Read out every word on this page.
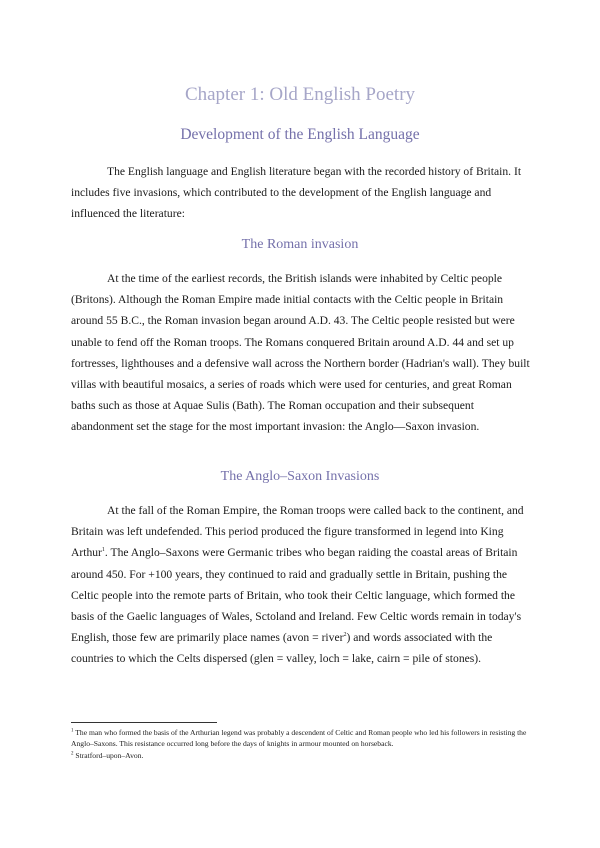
Chapter 1: Old English Poetry
Development of the English Language
The English language and English literature began with the recorded history of Britain. It includes five invasions, which contributed to the development of the English language and influenced the literature:
The Roman invasion
At the time of the earliest records, the British islands were inhabited by Celtic people (Britons). Although the Roman Empire made initial contacts with the Celtic people in Britain around 55 B.C., the Roman invasion began around A.D. 43. The Celtic people resisted but were unable to fend off the Roman troops. The Romans conquered Britain around A.D. 44 and set up fortresses, lighthouses and a defensive wall across the Northern border (Hadrian's wall). They built villas with beautiful mosaics, a series of roads which were used for centuries, and great Roman baths such as those at Aquae Sulis (Bath). The Roman occupation and their subsequent abandonment set the stage for the most important invasion: the Anglo—Saxon invasion.
The Anglo–Saxon Invasions
At the fall of the Roman Empire, the Roman troops were called back to the continent, and Britain was left undefended. This period produced the figure transformed in legend into King Arthur$^1$. The Anglo–Saxons were Germanic tribes who began raiding the coastal areas of Britain around 450. For +100 years, they continued to raid and gradually settle in Britain, pushing the Celtic people into the remote parts of Britain, who took their Celtic language, which formed the basis of the Gaelic languages of Wales, Sctoland and Ireland. Few Celtic words remain in today's English, those few are primarily place names (avon = river$^2$) and words associated with the countries to which the Celts dispersed (glen = valley, loch = lake, cairn = pile of stones).

$^1$ The man who formed the basis of the Arthurian legend was probably a descendent of Celtic and Roman people who led his followers in resisting the Anglo–Saxons. This resistance occurred long before the days of knights in armour mounted on horseback.

$^2$ Stratford–upon–Avon.
